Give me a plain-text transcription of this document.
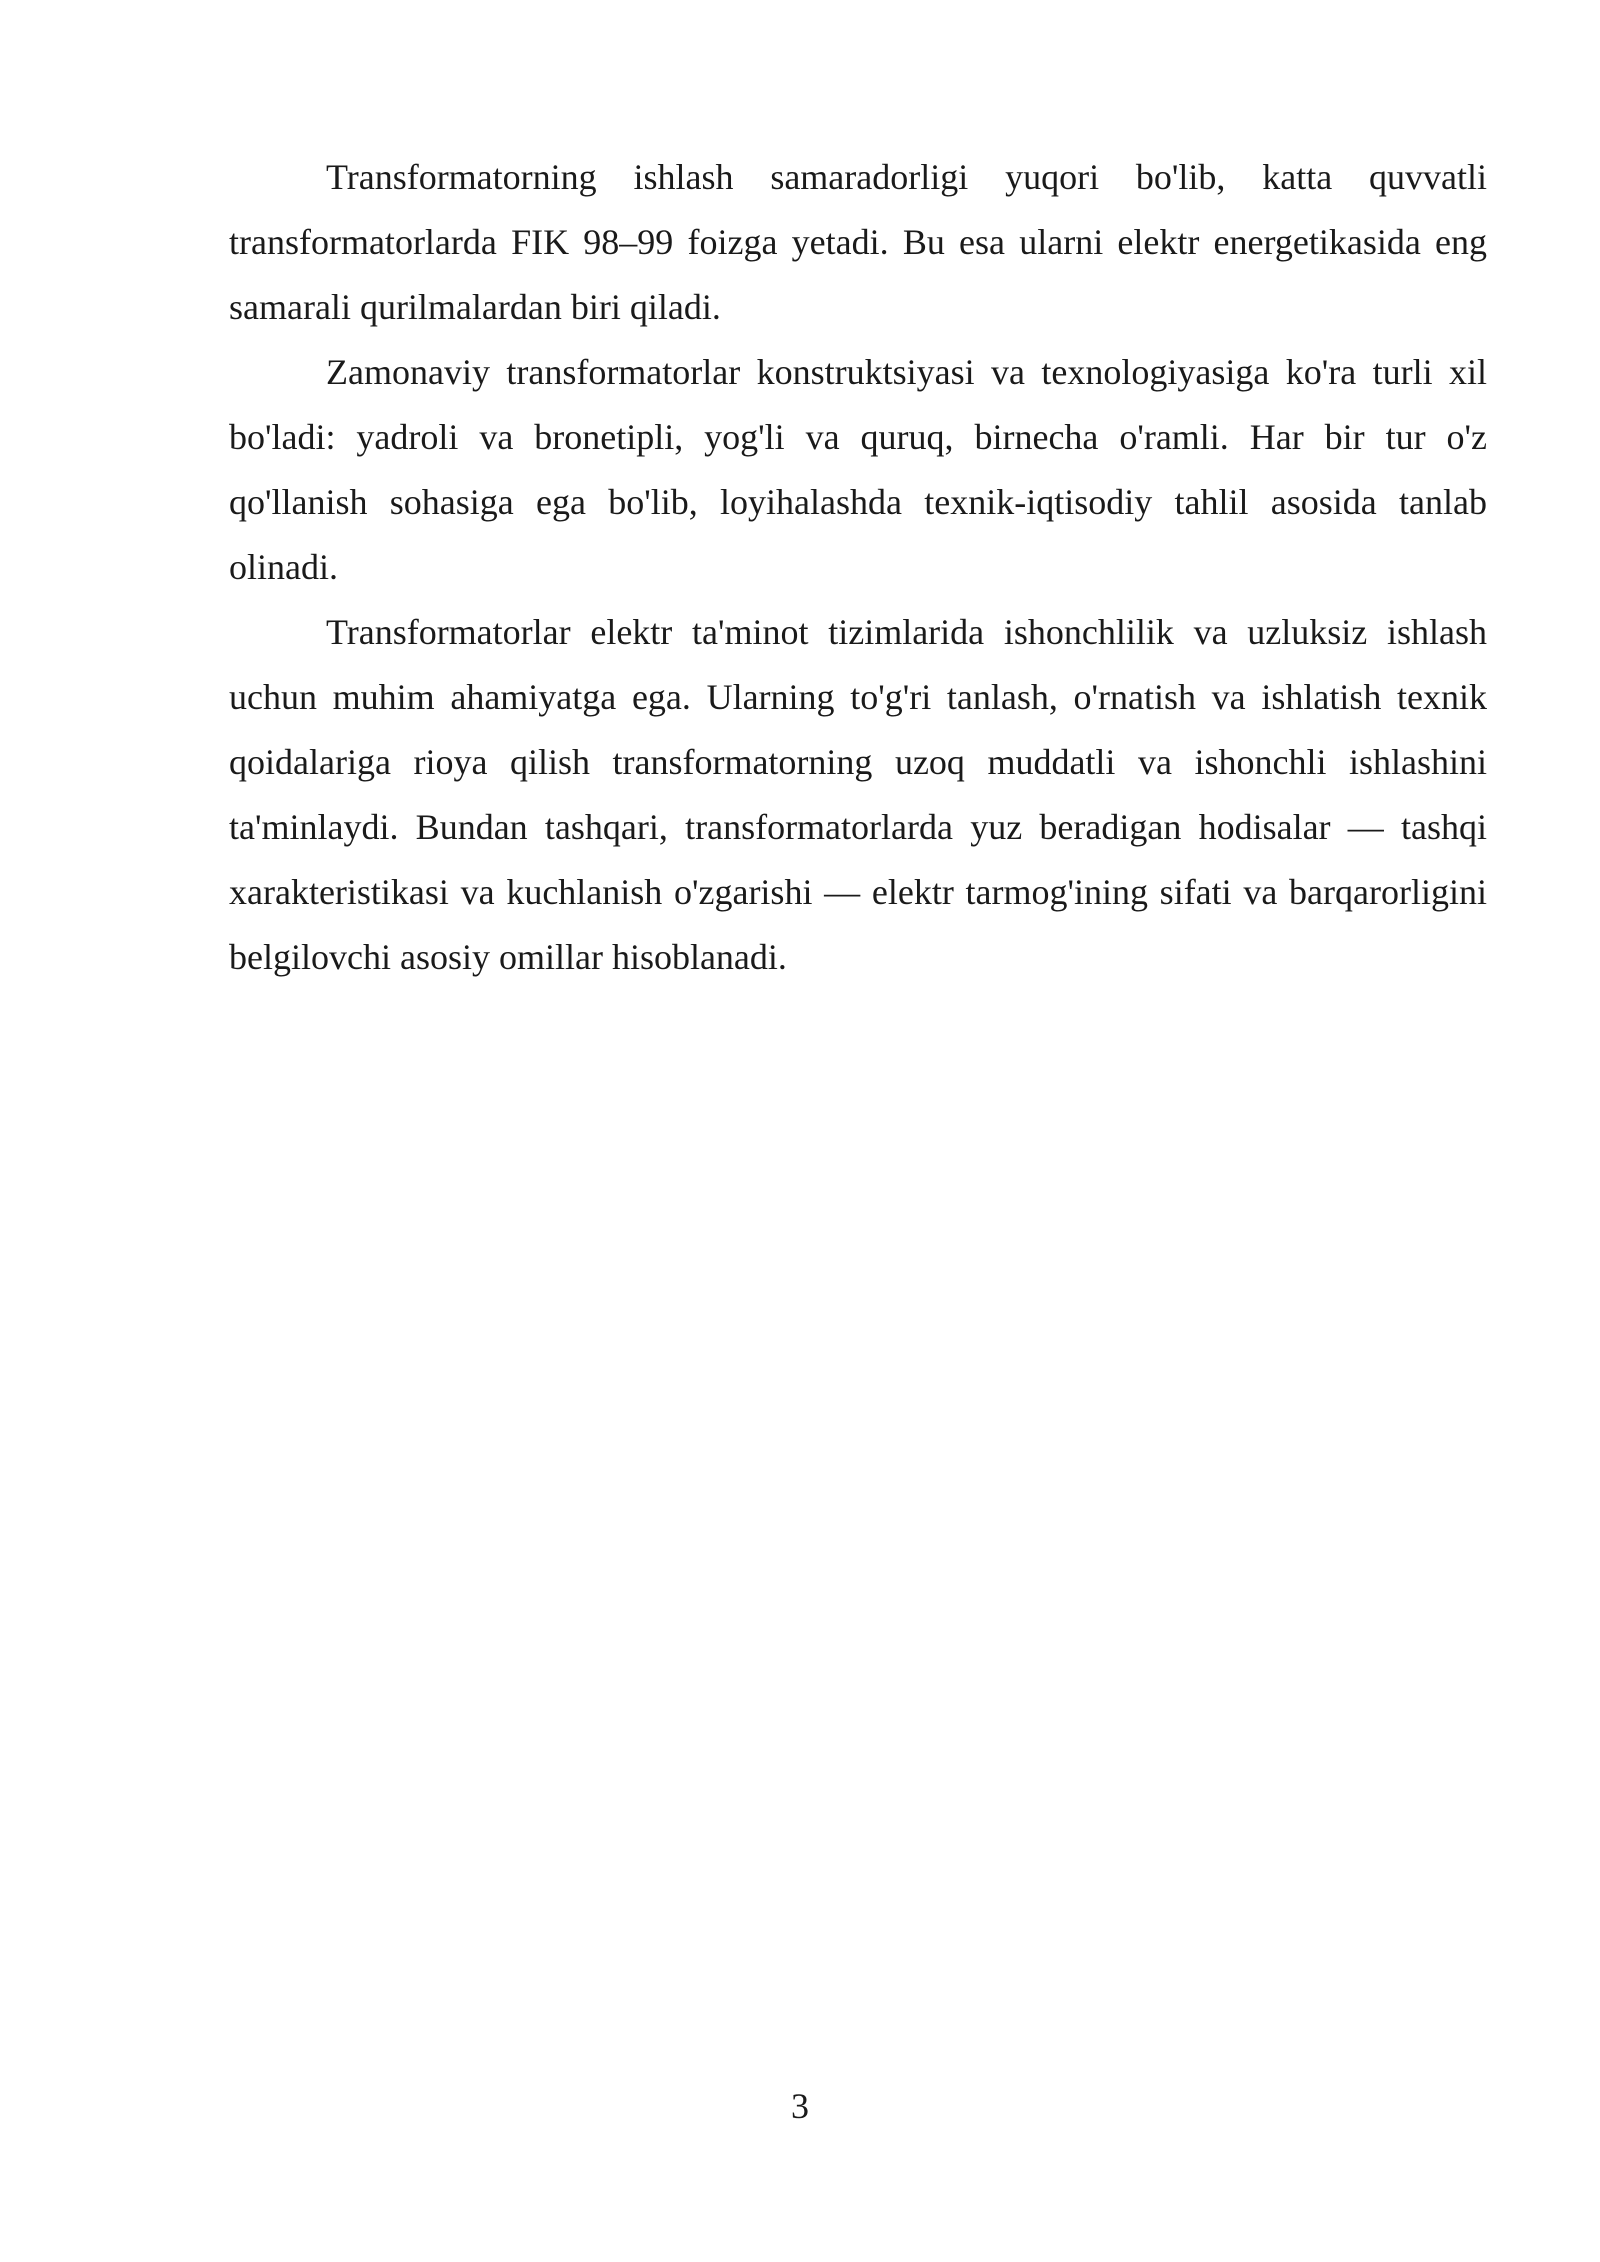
Transformatorning ishlash samaradorligi yuqori bo'lib, katta quvvatli transformatorlarda FIK 98–99 foizga yetadi. Bu esa ularni elektr energetikasida eng samarali qurilmalardan biri qiladi.

Zamonaviy transformatorlar konstruktsiyasi va texnologiyasiga ko'ra turli xil bo'ladi: yadroli va bronetipli, yog'li va quruq, birnecha o'ramli. Har bir tur o'z qo'llanish sohasiga ega bo'lib, loyihalashda texnik-iqtisodiy tahlil asosida tanlab olinadi.

Transformatorlar elektr ta'minot tizimlarida ishonchlilik va uzluksiz ishlash uchun muhim ahamiyatga ega. Ularning to'g'ri tanlash, o'rnatish va ishlatish texnik qoidalariga rioya qilish transformatorning uzoq muddatli va ishonchli ishlashini ta'minlaydi. Bundan tashqari, transformatorlarda yuz beradigan hodisalar — tashqi xarakteristikasi va kuchlanish o'zgarishi — elektr tarmog'ining sifati va barqarorligini belgilovchi asosiy omillar hisoblanadi.

3
